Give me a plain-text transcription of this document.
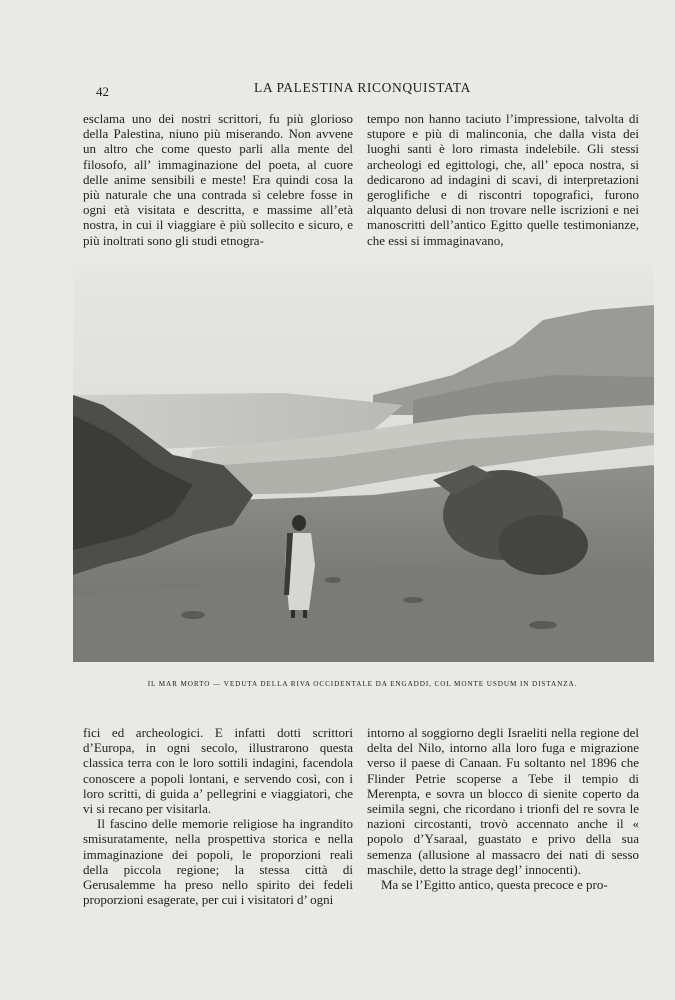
42	LA PALESTINA RICONQUISTATA

esclama uno dei nostri scrittori, fu più glorioso della Palestina, niuno più miserando. Non avvene un altro che come questo parli alla mente del filosofo, all’ immaginazione del poeta, al cuore delle anime sensibili e meste! Era quindi cosa la più naturale che una contrada sì celebre fosse in ogni età visitata e descritta, e massime all’età nostra, in cui il viaggiare è più sollecito e sicuro, e più inoltrati sono gli studi etnogra-

tempo non hanno taciuto l’impressione, talvolta di stupore e più di malinconia, che dalla vista dei luoghi santi è loro rimasta indelebile. Gli stessi archeologi ed egittologi, che, all’ epoca nostra, si dedicarono ad indagini di scavi, di interpretazioni geroglifiche e di riscontri topografici, furono alquanto delusi di non trovare nelle iscrizioni e nei manoscritti dell’antico Egitto quelle testimonianze, che essi si immaginavano,

IL MAR MORTO — VEDUTA DELLA RIVA OCCIDENTALE DA ENGADDI, COL MONTE USDUM IN DISTANZA.

fici ed archeologici. E infatti dotti scrittori d’Europa, in ogni secolo, illustrarono questa classica terra con le loro sottili indagini, facendola conoscere a popoli lontani, e servendo così, con i loro scritti, di guida a’ pellegrini e viaggiatori, che vi si recano per visitarla.

Il fascino delle memorie religiose ha ingrandito smisuratamente, nella prospettiva storica e nella immaginazione dei popoli, le proporzioni reali della piccola regione; la stessa città di Gerusalemme ha preso nello spirito dei fedeli proporzioni esagerate, per cui i visitatori d’ ogni

intorno al soggiorno degli Israeliti nella regione del delta del Nilo, intorno alla loro fuga e migrazione verso il paese di Canaan. Fu soltanto nel 1896 che Flinder Petrie scoperse a Tebe il tempio di Merenpta, e sovra un blocco di sienite coperto da seimila segni, che ricordano i trionfi del re sovra le nazioni circostanti, trovò accennato anche il « popolo d’Ysaraal, guastato e privo della sua semenza (allusione al massacro dei nati di sesso maschile, detto la strage degl’ innocenti).

Ma se l’Egitto antico, questa precoce e pro-
